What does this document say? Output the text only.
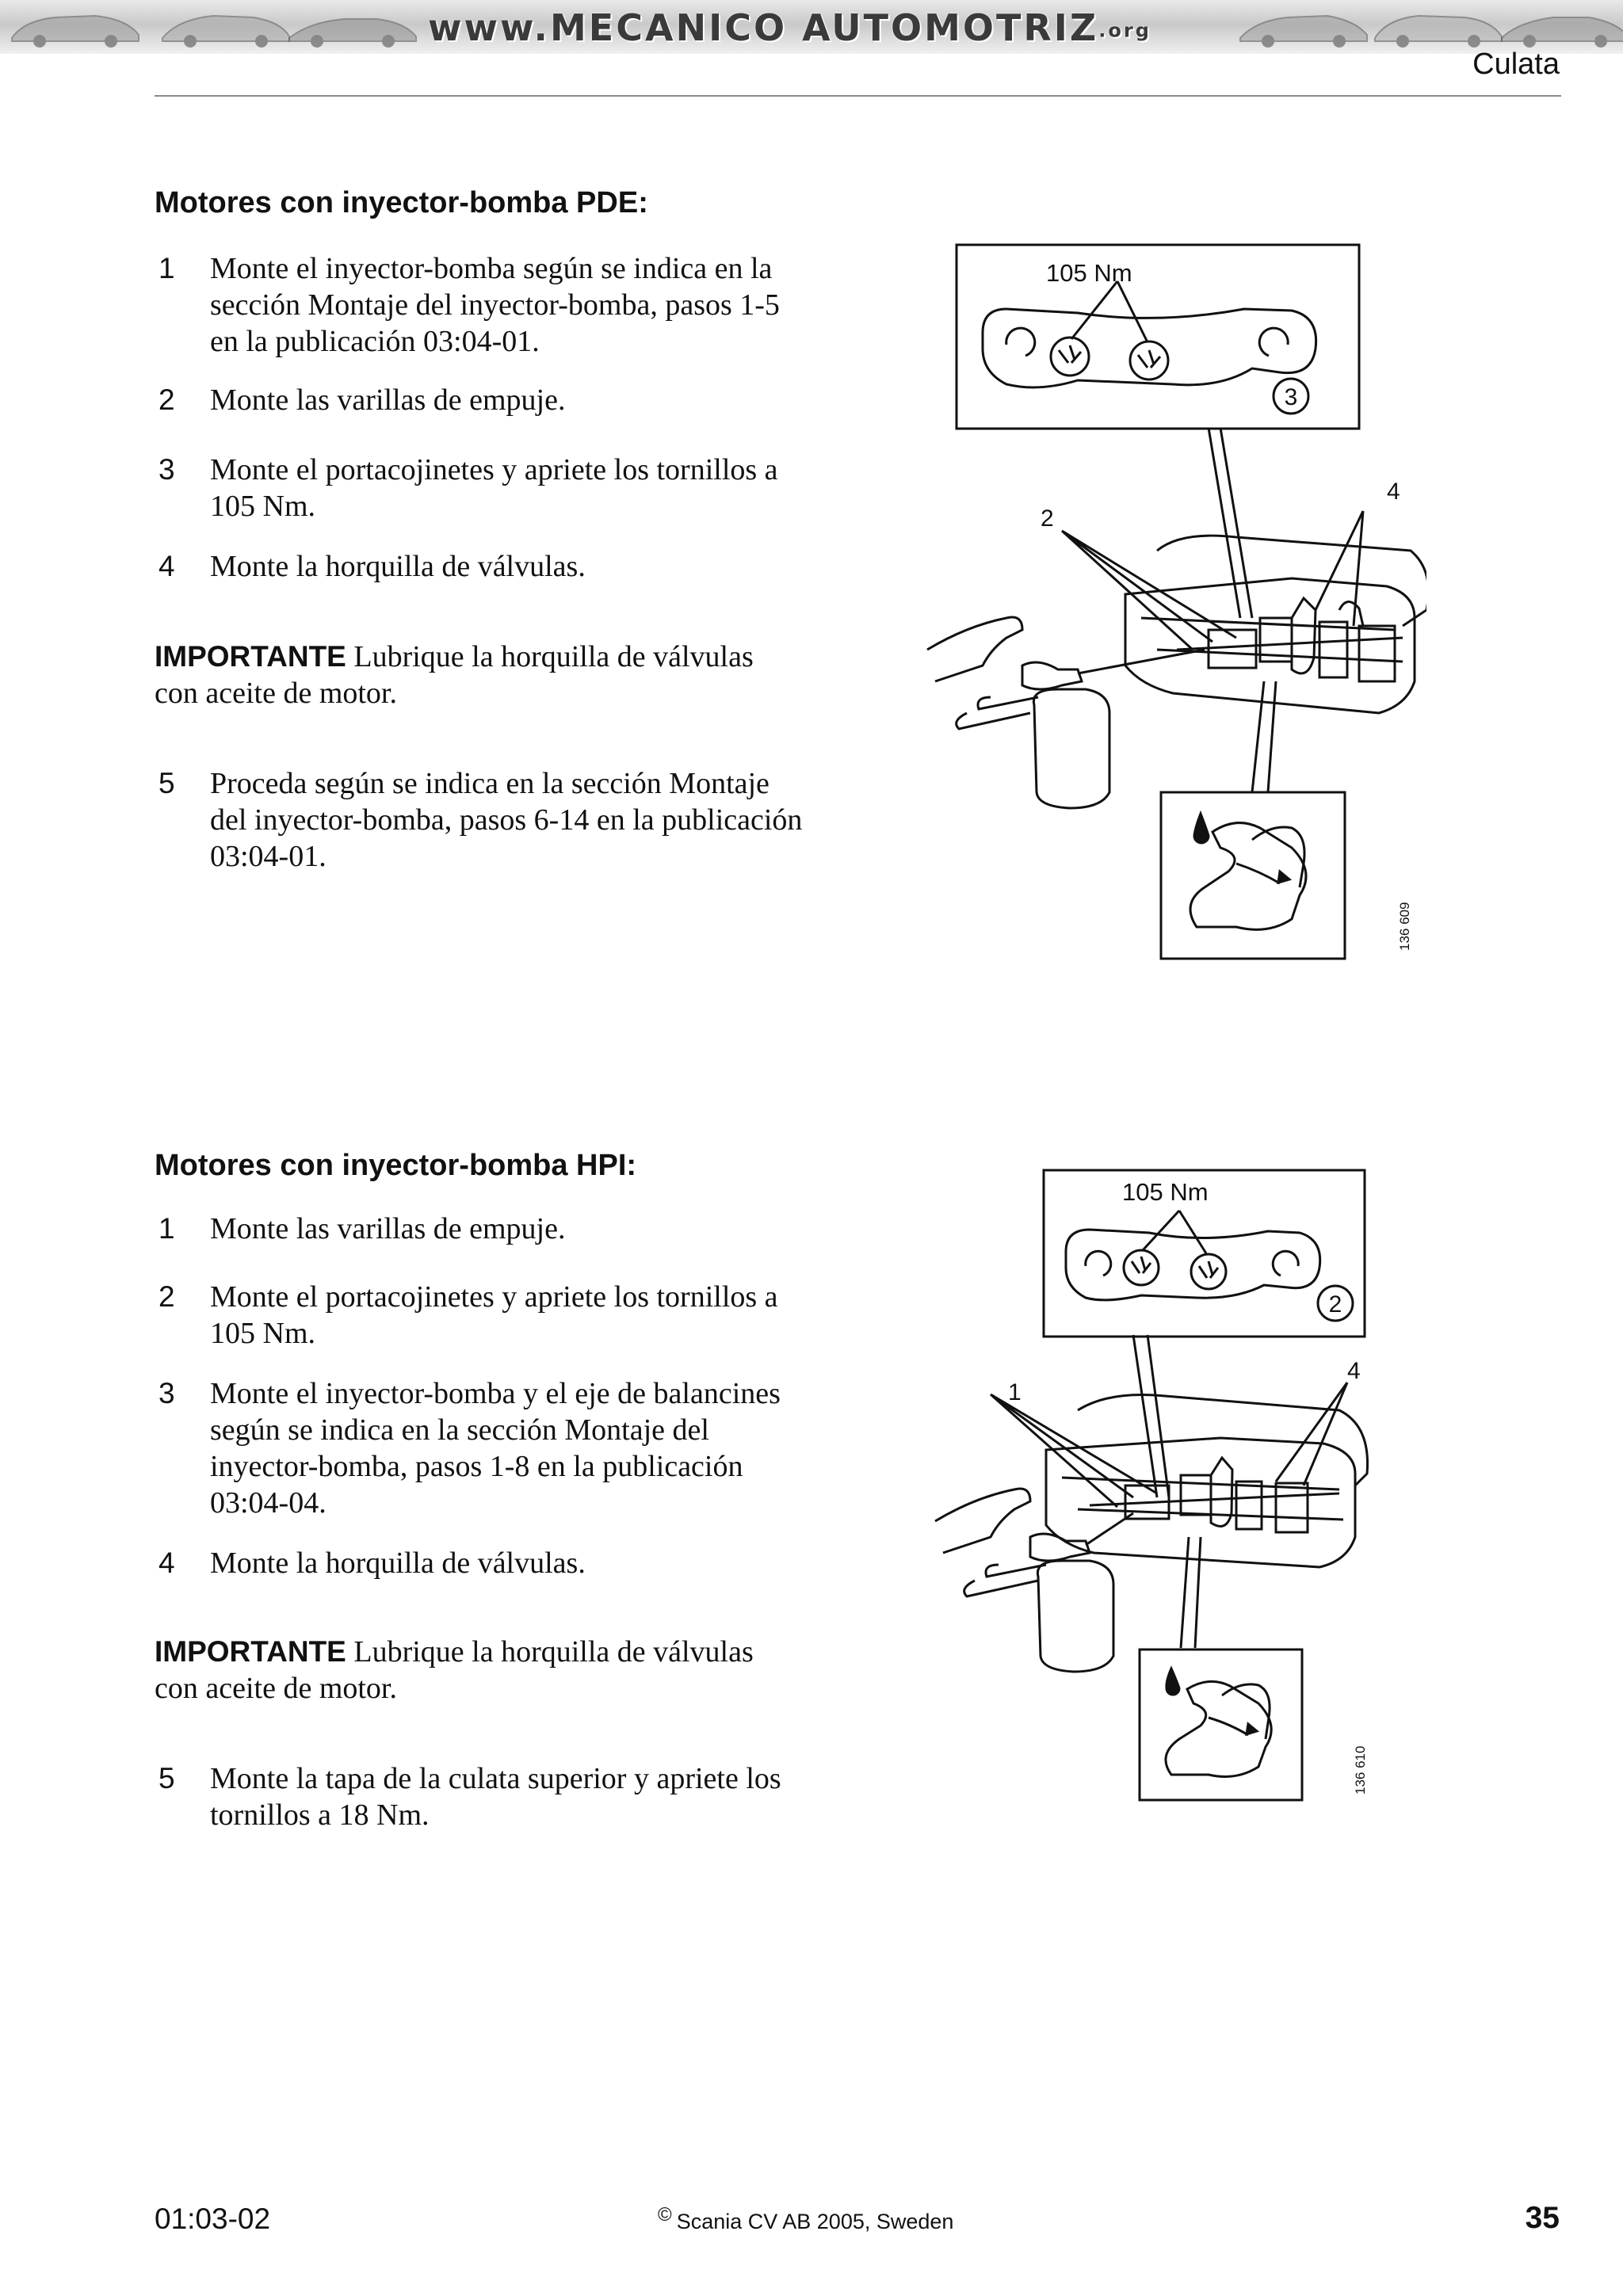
www.MECANICO AUTOMOTRIZ.org
Culata
Motores con inyector-bomba PDE:
1 Monte el inyector-bomba según se indica en la sección Montaje del inyector-bomba, pasos 1-5 en la publicación 03:04-01.
2 Monte las varillas de empuje.
3 Monte el portacojinetes y apriete los tornillos a 105 Nm.
4 Monte la horquilla de válvulas.
IMPORTANTE Lubrique la horquilla de válvulas con aceite de motor.
5 Proceda según se indica en la sección Montaje del inyector-bomba, pasos 6-14 en la publicación 03:04-01.
105 Nm
3
2
4
136 609
Motores con inyector-bomba HPI:
1 Monte las varillas de empuje.
2 Monte el portacojinetes y apriete los tornillos a 105 Nm.
3 Monte el inyector-bomba y el eje de balancines según se indica en la sección Montaje del inyector-bomba, pasos 1-8 en la publicación 03:04-04.
4 Monte la horquilla de válvulas.
IMPORTANTE Lubrique la horquilla de válvulas con aceite de motor.
5 Monte la tapa de la culata superior y apriete los tornillos a 18 Nm.
105 Nm
2
1
4
136 610
01:03-02	© Scania CV AB 2005, Sweden	35
